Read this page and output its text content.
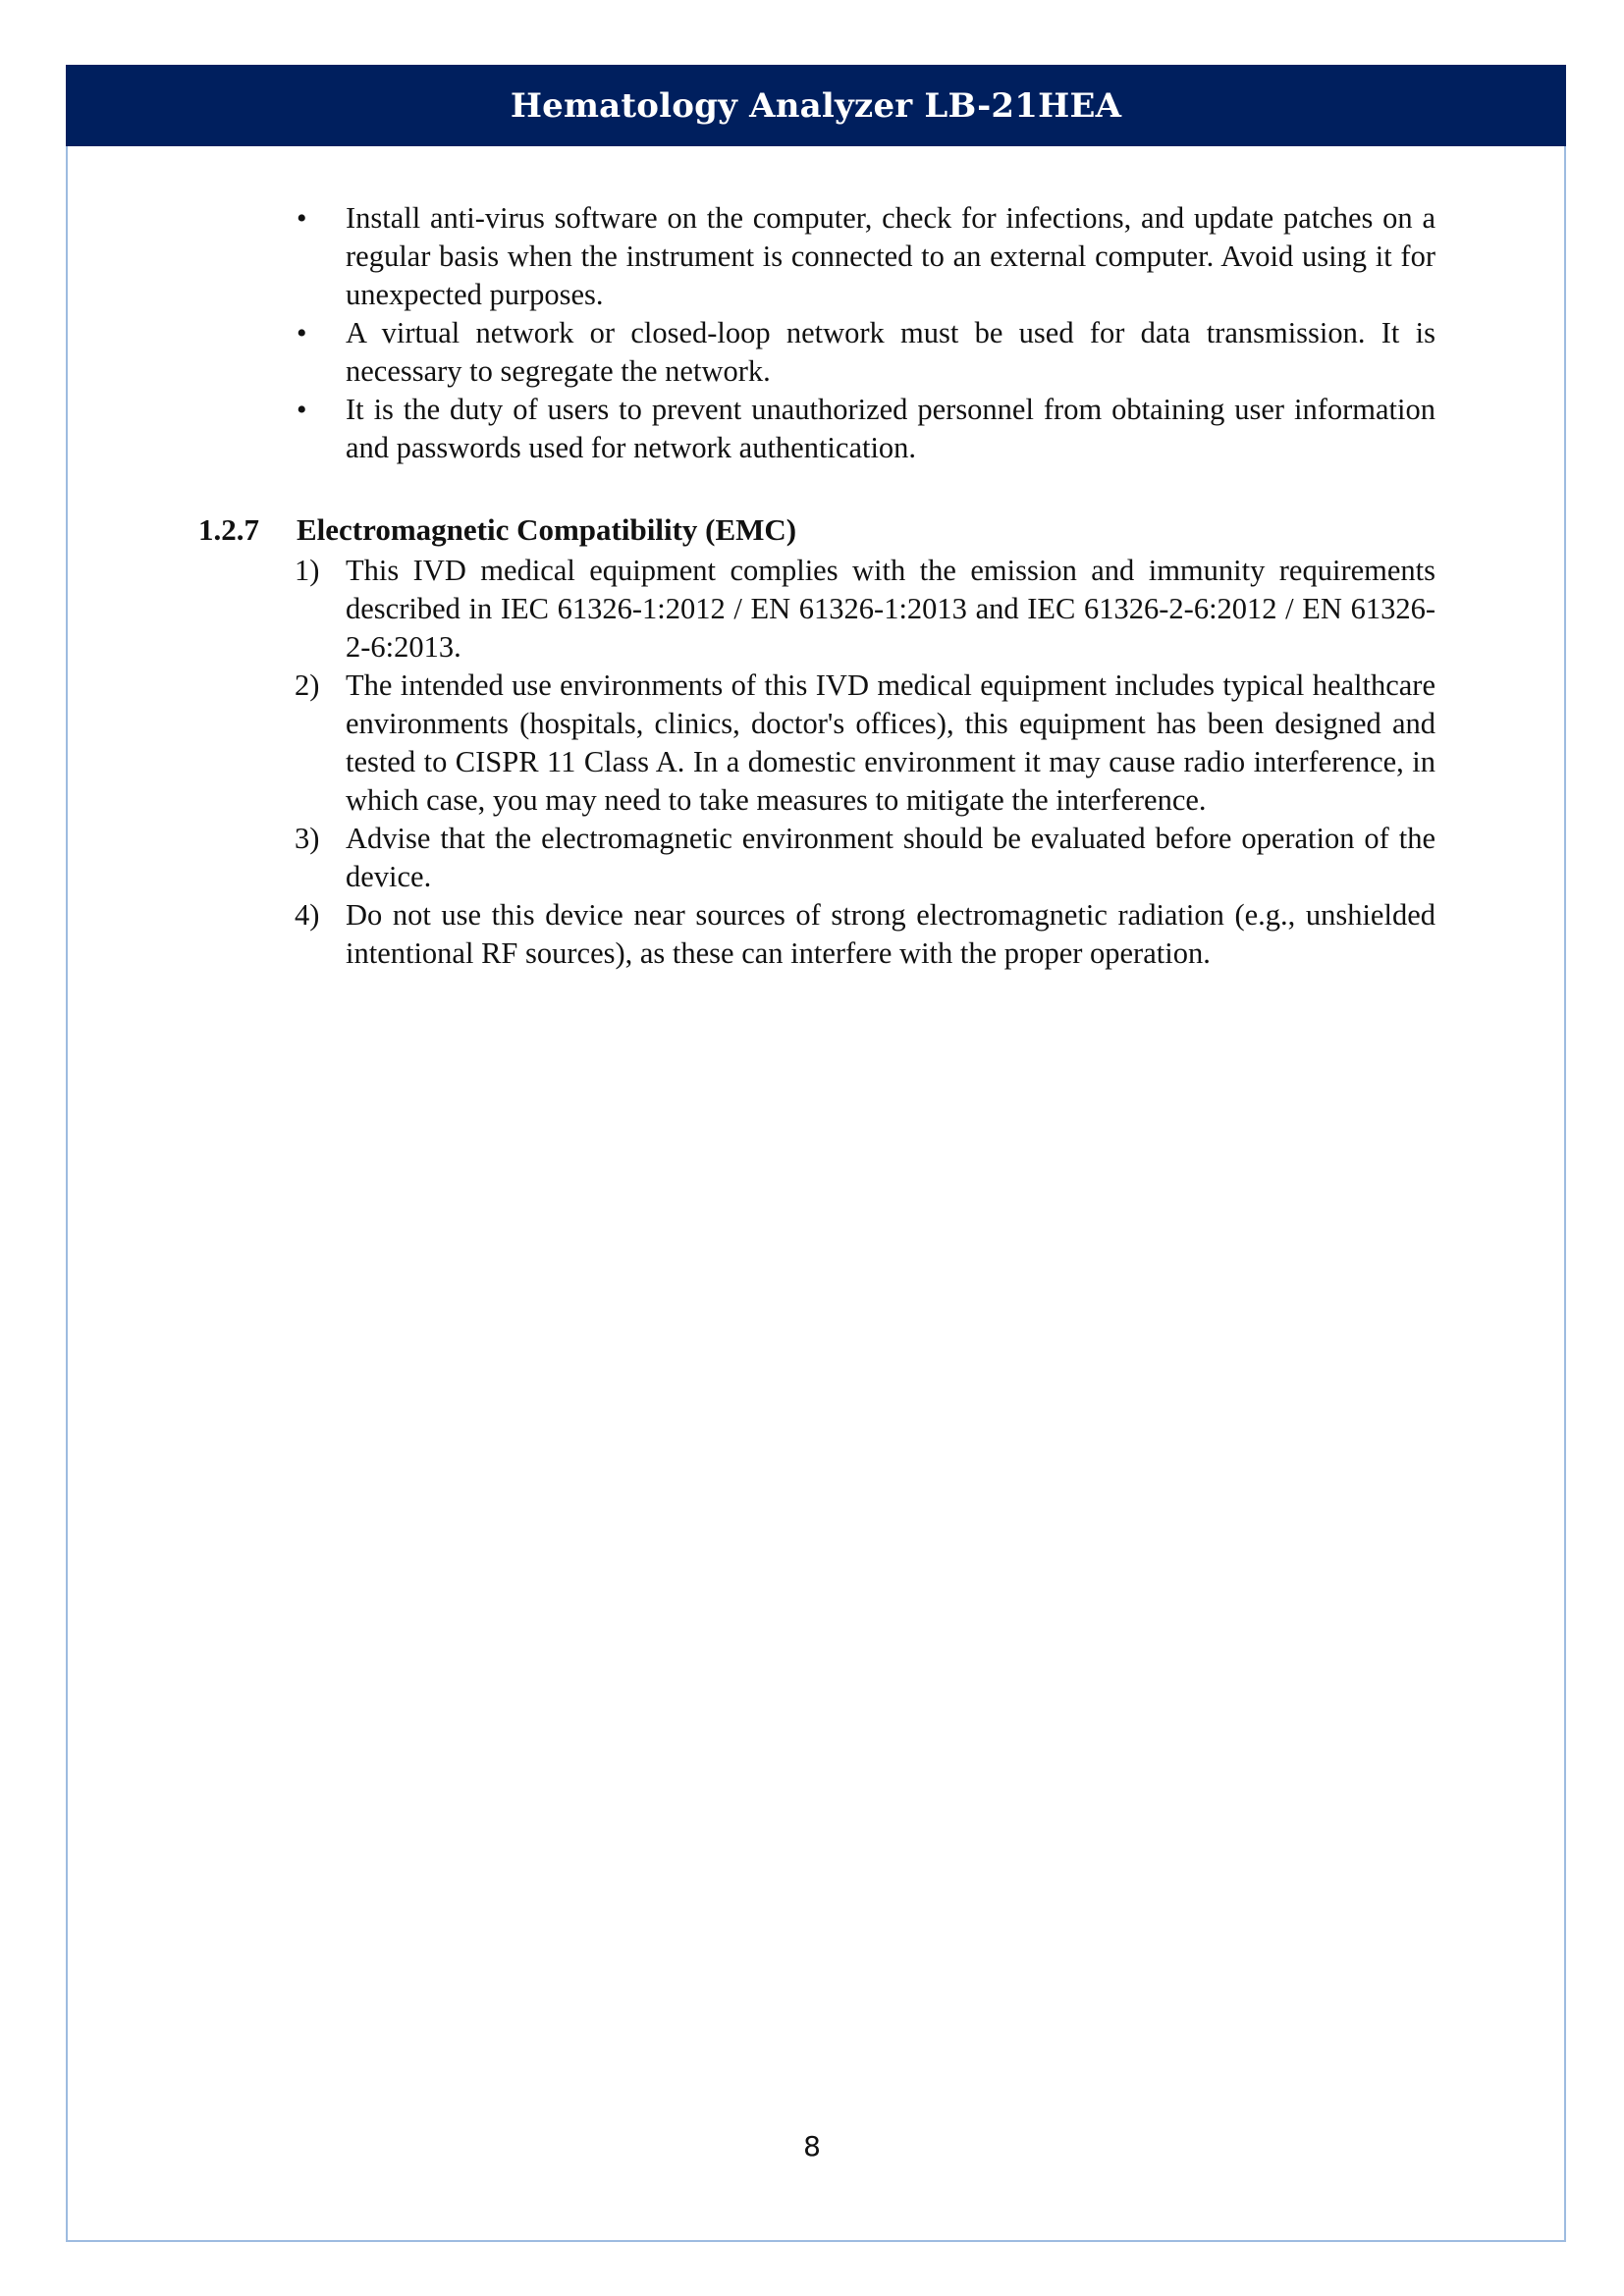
Hematology Analyzer LB-21HEA
• Install anti-virus software on the computer, check for infections, and update patches on a regular basis when the instrument is connected to an external computer. Avoid using it for unexpected purposes.
• A virtual network or closed-loop network must be used for data transmission. It is necessary to segregate the network.
• It is the duty of users to prevent unauthorized personnel from obtaining user information and passwords used for network authentication.
1.2.7 Electromagnetic Compatibility (EMC)
1) This IVD medical equipment complies with the emission and immunity requirements described in IEC 61326-1:2012 / EN 61326-1:2013 and IEC 61326-2-6:2012 / EN 61326-2-6:2013.
2) The intended use environments of this IVD medical equipment includes typical healthcare environments (hospitals, clinics, doctor's offices), this equipment has been designed and tested to CISPR 11 Class A. In a domestic environment it may cause radio interference, in which case, you may need to take measures to mitigate the interference.
3) Advise that the electromagnetic environment should be evaluated before operation of the device.
4) Do not use this device near sources of strong electromagnetic radiation (e.g., unshielded intentional RF sources), as these can interfere with the proper operation.
8
